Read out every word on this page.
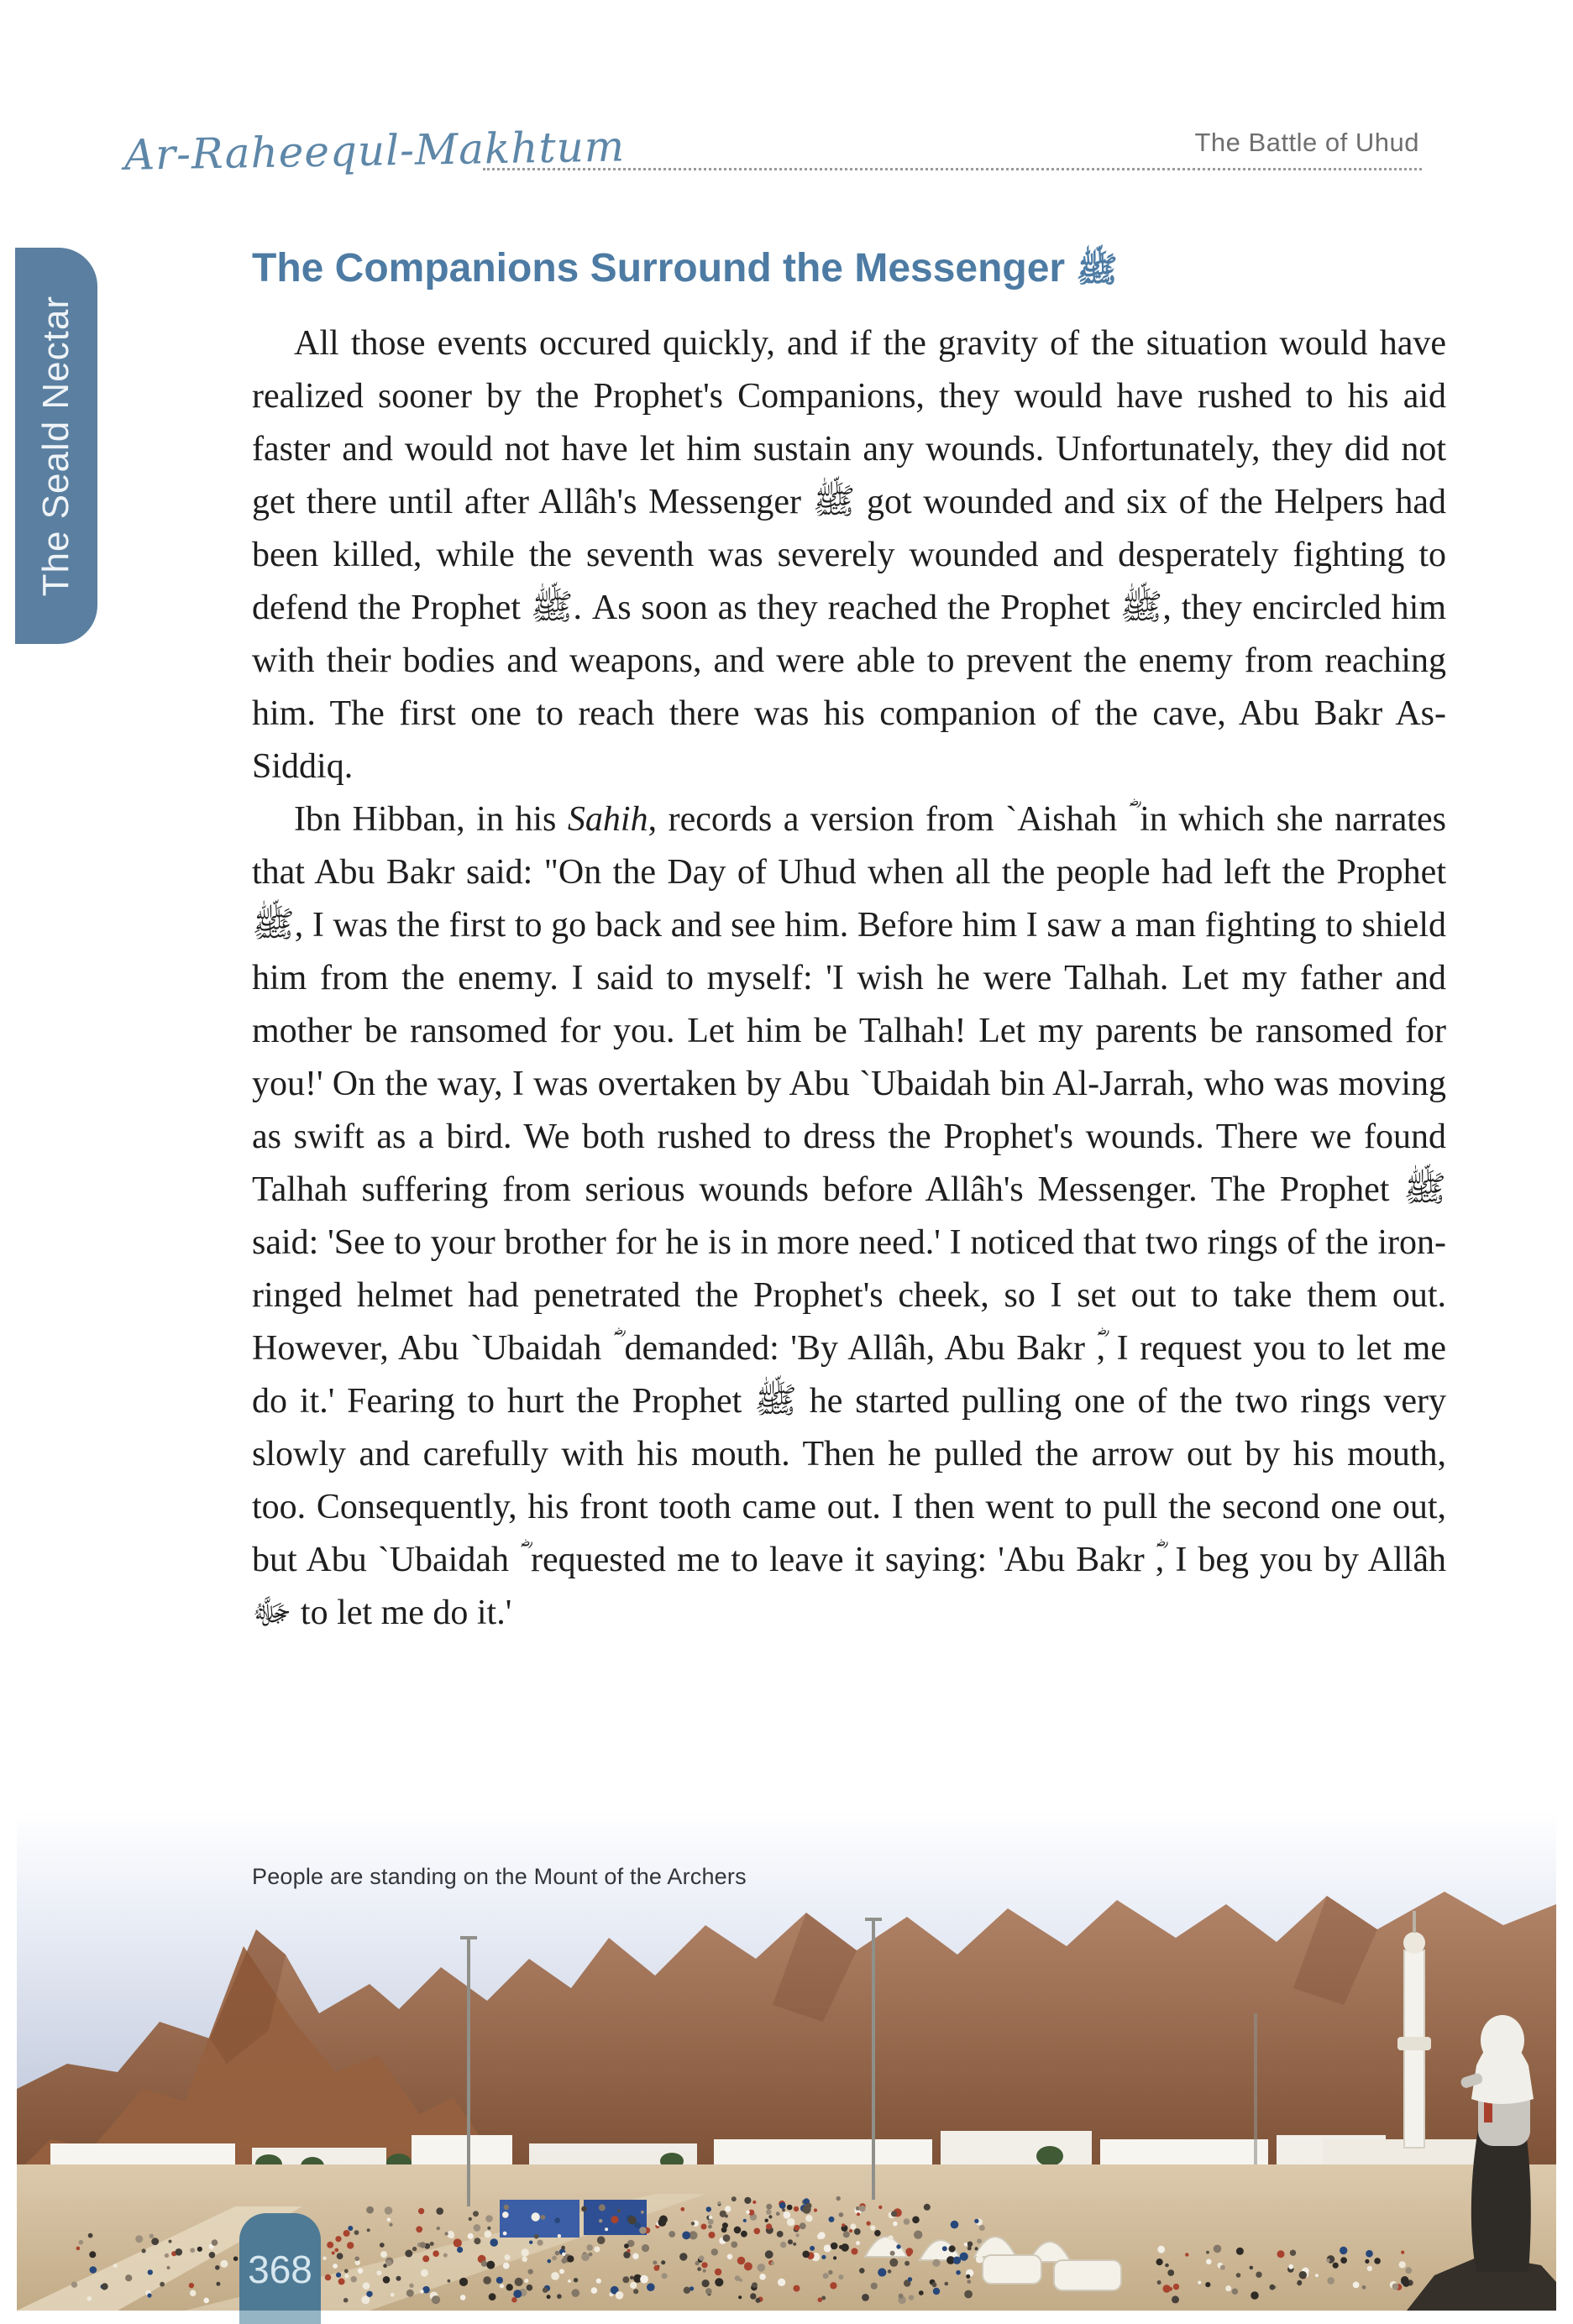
Ar-Raheequl-Makhtum	The Battle of Uhud
The Seald Nectar
The Companions Surround the Messenger ﷺ

All those events occured quickly, and if the gravity of the situation would have realized sooner by the Prophet's Companions, they would have rushed to his aid faster and would not have let him sustain any wounds. Unfortunately, they did not get there until after Allâh's Messenger ﷺ got wounded and six of the Helpers had been killed, while the seventh was severely wounded and desperately fighting to defend the Prophet ﷺ. As soon as they reached the Prophet ﷺ, they encircled him with their bodies and weapons, and were able to prevent the enemy from reaching him. The first one to reach there was his companion of the cave, Abu Bakr As-Siddiq.

Ibn Hibban, in his Sahih, records a version from `Aishah ؓ in which she narrates that Abu Bakr said: "On the Day of Uhud when all the people had left the Prophet ﷺ, I was the first to go back and see him. Before him I saw a man fighting to shield him from the enemy. I said to myself: 'I wish he were Talhah. Let my father and mother be ransomed for you. Let him be Talhah! Let my parents be ransomed for you!' On the way, I was overtaken by Abu `Ubaidah bin Al-Jarrah, who was moving as swift as a bird. We both rushed to dress the Prophet's wounds. There we found Talhah suffering from serious wounds before Allâh's Messenger. The Prophet ﷺ said: 'See to your brother for he is in more need.' I noticed that two rings of the iron-ringed helmet had penetrated the Prophet's cheek, so I set out to take them out. However, Abu `Ubaidah ؓ demanded: 'By Allâh, Abu Bakr ؓ, I request you to let me do it.' Fearing to hurt the Prophet ﷺ he started pulling one of the two rings very slowly and carefully with his mouth. Then he pulled the arrow out by his mouth, too. Consequently, his front tooth came out. I then went to pull the second one out, but Abu `Ubaidah ؓ requested me to leave it saying: 'Abu Bakr ؓ, I beg you by Allâh ﷻ to let me do it.'

People are standing on the Mount of the Archers
368
